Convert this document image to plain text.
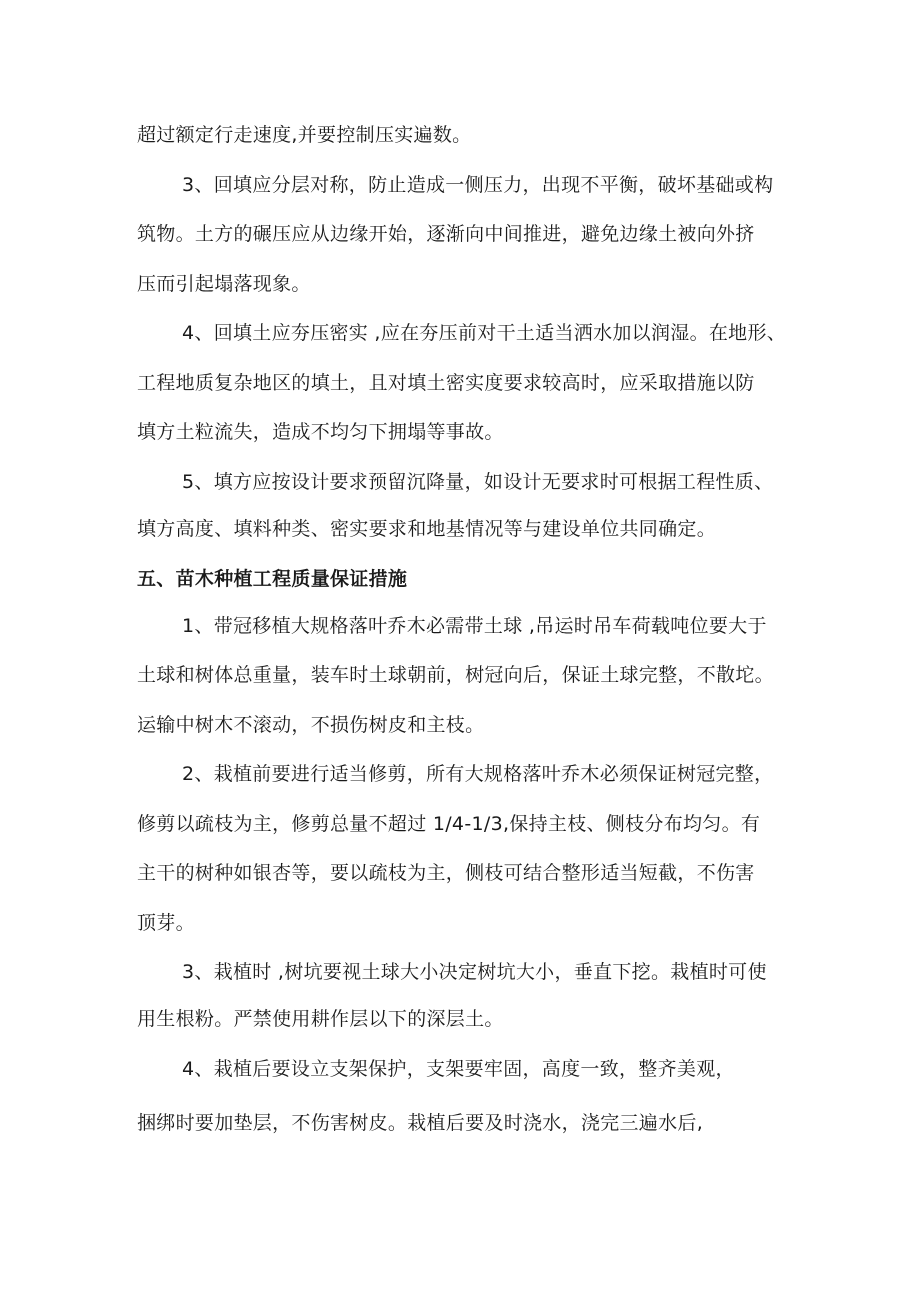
超过额定行走速度,并要控制压实遍数。
3、回填应分层对称，防止造成一侧压力，出现不平衡，破坏基础或构
筑物。土方的碾压应从边缘开始，逐渐向中间推进，避免边缘土被向外挤
压而引起塌落现象。
4、回填土应夯压密实 ,应在夯压前对干土适当洒水加以润湿。在地形、
工程地质复杂地区的填土，且对填土密实度要求较高时，应采取措施以防
填方土粒流失，造成不均匀下拥塌等事故。
5、填方应按设计要求预留沉降量，如设计无要求时可根据工程性质、
填方高度、填料种类、密实要求和地基情况等与建设单位共同确定。
五、苗木种植工程质量保证措施
1、带冠移植大规格落叶乔木必需带土球 ,吊运时吊车荷载吨位要大于
土球和树体总重量，装车时土球朝前，树冠向后，保证土球完整，不散坨。
运输中树木不滚动，不损伤树皮和主枝。
2、栽植前要进行适当修剪，所有大规格落叶乔木必须保证树冠完整，
修剪以疏枝为主，修剪总量不超过 1/4-1/3,保持主枝、侧枝分布均匀。有
主干的树种如银杏等，要以疏枝为主，侧枝可结合整形适当短截，不伤害
顶芽。
3、栽植时 ,树坑要视土球大小决定树坑大小，垂直下挖。栽植时可使
用生根粉。严禁使用耕作层以下的深层土。
4、栽植后要设立支架保护，支架要牢固，高度一致，整齐美观，
捆绑时要加垫层，不伤害树皮。栽植后要及时浇水，浇完三遍水后,
